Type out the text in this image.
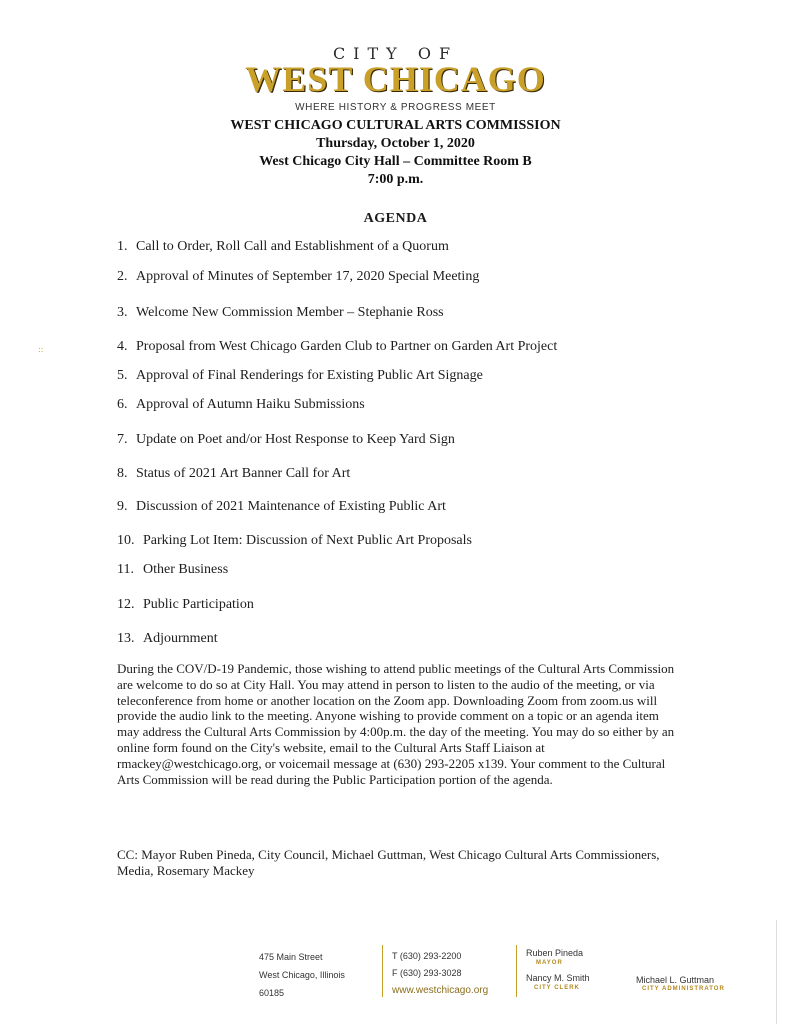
CITY OF
WEST CHICAGO
WHERE HISTORY & PROGRESS MEET
WEST CHICAGO CULTURAL ARTS COMMISSION
Thursday, October 1, 2020
West Chicago City Hall – Committee Room B
7:00 p.m.
AGENDA
::
1. Call to Order, Roll Call and Establishment of a Quorum
2. Approval of Minutes of September 17, 2020 Special Meeting
3. Welcome New Commission Member – Stephanie Ross
4. Proposal from West Chicago Garden Club to Partner on Garden Art Project
5. Approval of Final Renderings for Existing Public Art Signage
6. Approval of Autumn Haiku Submissions
7. Update on Poet and/or Host Response to Keep Yard Sign
8. Status of 2021 Art Banner Call for Art
9. Discussion of 2021 Maintenance of Existing Public Art
10. Parking Lot Item: Discussion of Next Public Art Proposals
11. Other Business
12. Public Participation
13. Adjournment
During the COV/D-19 Pandemic, those wishing to attend public meetings of the Cultural Arts Commission are welcome to do so at City Hall. You may attend in person to listen to the audio of the meeting, or via teleconference from home or another location on the Zoom app. Downloading Zoom from zoom.us will provide the audio link to the meeting. Anyone wishing to provide comment on a topic or an agenda item may address the Cultural Arts Commission by 4:00p.m. the day of the meeting. You may do so either by an online form found on the City's website, email to the Cultural Arts Staff Liaison at rmackey@westchicago.org, or voicemail message at (630) 293-2205 x139. Your comment to the Cultural Arts Commission will be read during the Public Participation portion of the agenda.
CC: Mayor Ruben Pineda, City Council, Michael Guttman, West Chicago Cultural Arts Commissioners, Media, Rosemary Mackey
475 Main Street
West Chicago, Illinois
60185
T (630) 293-2200
F (630) 293-3028
www.westchicago.org
Ruben Pineda
MAYOR
Nancy M. Smith
CITY CLERK
Michael L. Guttman
CITY ADMINISTRATOR
